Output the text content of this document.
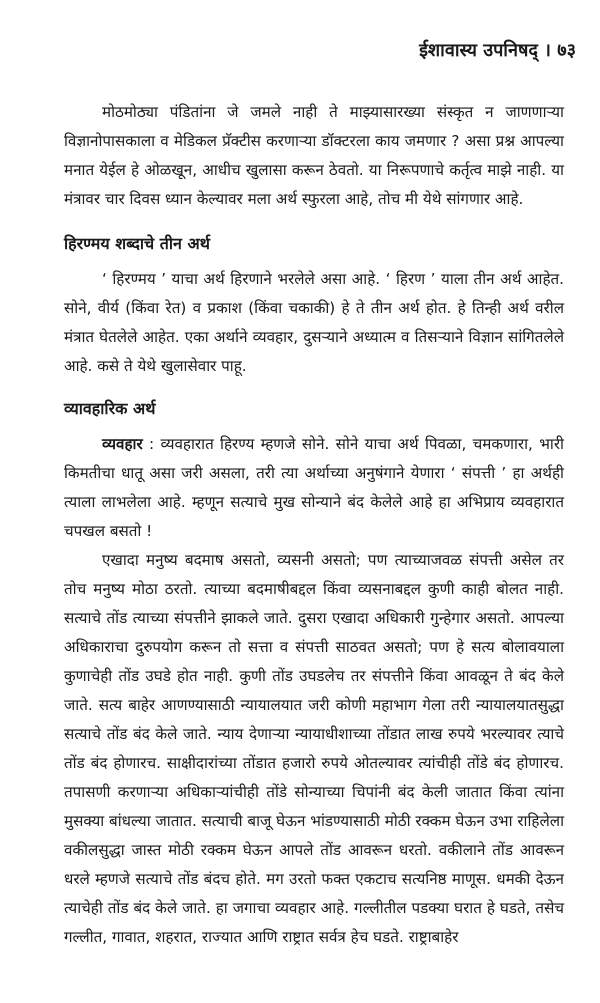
ईशावास्य उपनिषद् । ७३

मोठमोठ्या पंडितांना जे जमले नाही ते माझ्यासारख्या संस्कृत न जाणणाऱ्या विज्ञानोपासकाला व मेडिकल प्रॅक्टीस करणाऱ्या डॉक्टरला काय जमणार ? असा प्रश्न आपल्या मनात येईल हे ओळखून, आधीच खुलासा करून ठेवतो. या निरूपणाचे कर्तृत्व माझे नाही. या मंत्रावर चार दिवस ध्यान केल्यावर मला अर्थ स्फुरला आहे, तोच मी येथे सांगणार आहे.

हिरण्मय शब्दाचे तीन अर्थ

‘ हिरण्मय ’ याचा अर्थ हिरणाने भरलेले असा आहे. ‘ हिरण ’ याला तीन अर्थ आहेत. सोने, वीर्य (किंवा रेत) व प्रकाश (किंवा चकाकी) हे ते तीन अर्थ होत. हे तिन्ही अर्थ वरील मंत्रात घेतलेले आहेत. एका अर्थाने व्यवहार, दुसऱ्याने अध्यात्म व तिसऱ्याने विज्ञान सांगितलेले आहे. कसे ते येथे खुलासेवार पाहू.

व्यावहारिक अर्थ

व्यवहार : व्यवहारात हिरण्य म्हणजे सोने. सोने याचा अर्थ पिवळा, चमकणारा, भारी किमतीचा धातू असा जरी असला, तरी त्या अर्थाच्या अनुषंगाने येणारा ‘ संपत्ती ’ हा अर्थही त्याला लाभलेला आहे. म्हणून सत्याचे मुख सोन्याने बंद केलेले आहे हा अभिप्राय व्यवहारात चपखल बसतो !

एखादा मनुष्य बदमाष असतो, व्यसनी असतो; पण त्याच्याजवळ संपत्ती असेल तर तोच मनुष्य मोठा ठरतो. त्याच्या बदमाषीबद्दल किंवा व्यसनाबद्दल कुणी काही बोलत नाही. सत्याचे तोंड त्याच्या संपत्तीने झाकले जाते. दुसरा एखादा अधिकारी गुन्हेगार असतो. आपल्या अधिकाराचा दुरुपयोग करून तो सत्ता व संपत्ती साठवत असतो; पण हे सत्य बोलावयाला कुणाचेही तोंड उघडे होत नाही. कुणी तोंड उघडलेच तर संपत्तीने किंवा आवळून ते बंद केले जाते. सत्य बाहेर आणण्यासाठी न्यायालयात जरी कोणी महाभाग गेला तरी न्यायालयातसुद्धा सत्याचे तोंड बंद केले जाते. न्याय देणाऱ्या न्यायाधीशाच्या तोंडात लाख रुपये भरल्यावर त्याचे तोंड बंद होणारच. साक्षीदारांच्या तोंडात हजारो रुपये ओतल्यावर त्यांचीही तोंडे बंद होणारच. तपासणी करणाऱ्या अधिकाऱ्यांचीही तोंडे सोन्याच्या चिपांनी बंद केली जातात किंवा त्यांना मुसक्या बांधल्या जातात. सत्याची बाजू घेऊन भांडण्यासाठी मोठी रक्कम घेऊन उभा राहिलेला वकीलसुद्धा जास्त मोठी रक्कम घेऊन आपले तोंड आवरून धरतो. वकीलाने तोंड आवरून धरले म्हणजे सत्याचे तोंड बंदच होते. मग उरतो फक्त एकटाच सत्यनिष्ठ माणूस. धमकी देऊन त्याचेही तोंड बंद केले जाते. हा जगाचा व्यवहार आहे. गल्लीतील पडक्या घरात हे घडते, तसेच गल्लीत, गावात, शहरात, राज्यात आणि राष्ट्रात सर्वत्र हेच घडते. राष्ट्राबाहेर
